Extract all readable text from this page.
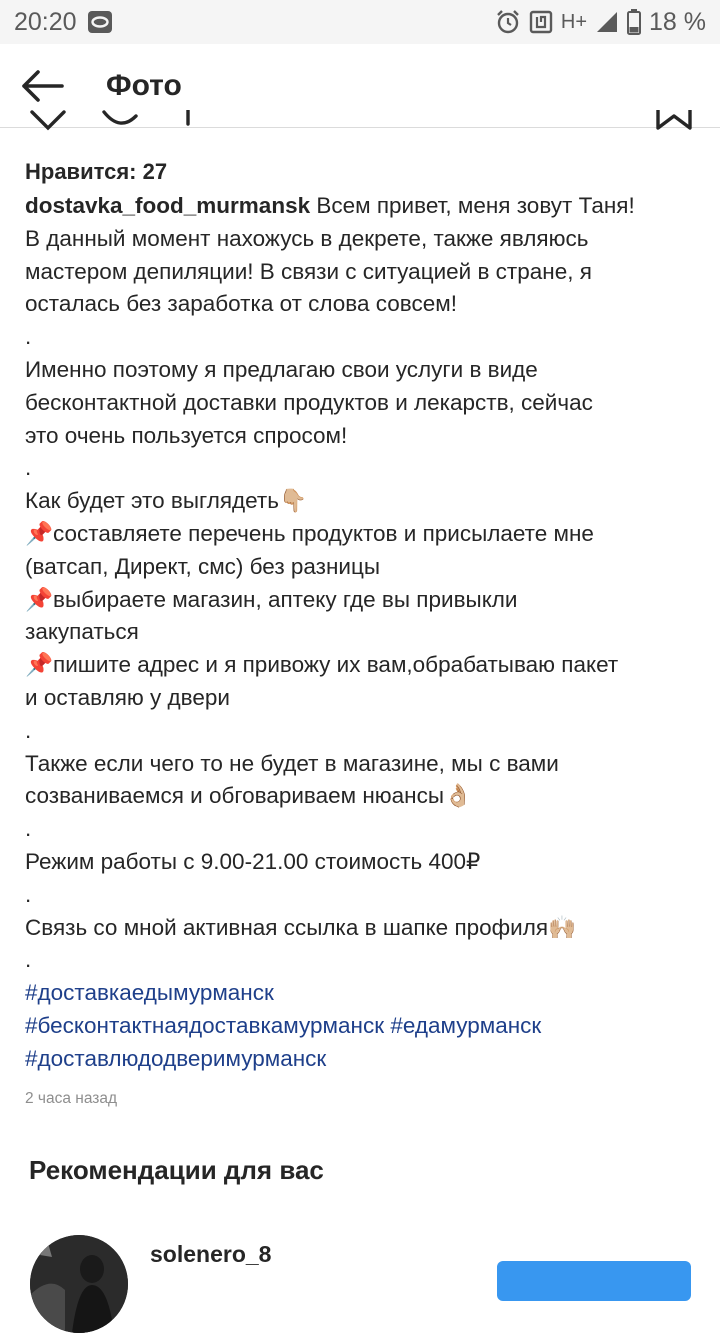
20:20	H+ 18 %
Фото
Нравится: 27
dostavka_food_murmansk Всем привет, меня зовут Таня!
В данный момент нахожусь в декрете, также являюсь
мастером депиляции! В связи с ситуацией в стране, я
осталась без заработка от слова совсем!
.
Именно поэтому я предлагаю свои услуги в виде
бесконтактной доставки продуктов и лекарств, сейчас
это очень пользуется спросом!
.
Как будет это выглядеть👇🏼
📌составляете перечень продуктов и присылаете мне
(ватсап, Директ, смс) без разницы
📌выбираете магазин, аптеку где вы привыкли
закупаться
📌пишите адрес и я привожу их вам,обрабатываю пакет
и оставляю у двери
.
Также если чего то не будет в магазине, мы с вами
созваниваемся и обговариваем нюансы👌🏼
.
Режим работы с 9.00-21.00 стоимость 400₽
.
Связь со мной активная ссылка в шапке профиля🙌🏼
.
#доставкаедымурманск
#бесконтактнаядоставкамурманск #едамурманск
#доставлюдодверимурманск
2 часа назад
Рекомендации для вас
solenero_8
